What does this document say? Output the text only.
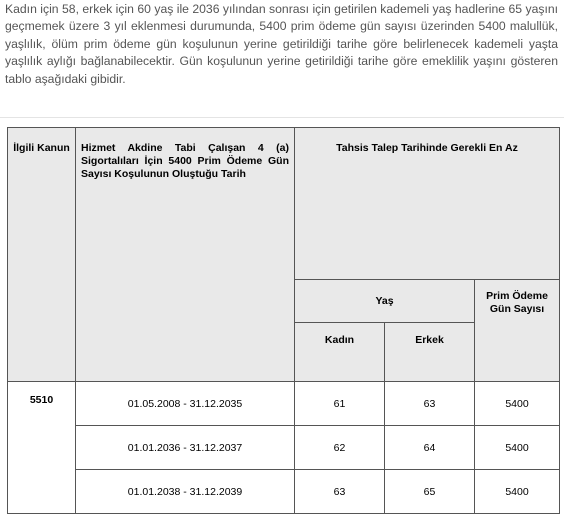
Kadın için 58, erkek için 60 yaş ile 2036 yılından sonrası için getirilen kademeli yaş hadlerine 65 yaşını geçmemek üzere 3 yıl eklenmesi durumunda, 5400 prim ödeme gün sayısı üzerinden 5400 malullük, yaşlılık, ölüm prim ödeme gün koşulunun yerine getirildiği tarihe göre belirlenecek kademeli yaşta yaşlılık aylığı bağlanabilecektir. Gün koşulunun yerine getirildiği tarihe göre emeklilik yaşını gösteren tablo aşağıdaki gibidir.

İlgili Kanun	Hizmet Akdine Tabi Çalışan 4 (a) Sigortalıları İçin 5400 Prim Ödeme Gün Sayısı Koşulunun Oluştuğu Tarih	Tahsis Talep Tarihinde Gerekli En Az		
		Yaş		Prim Ödeme Gün Sayısı
		Kadın	Erkek	
5510	01.05.2008 - 31.12.2035	61	63	5400
	01.01.2036 - 31.12.2037	62	64	5400
	01.01.2038 - 31.12.2039	63	65	5400
